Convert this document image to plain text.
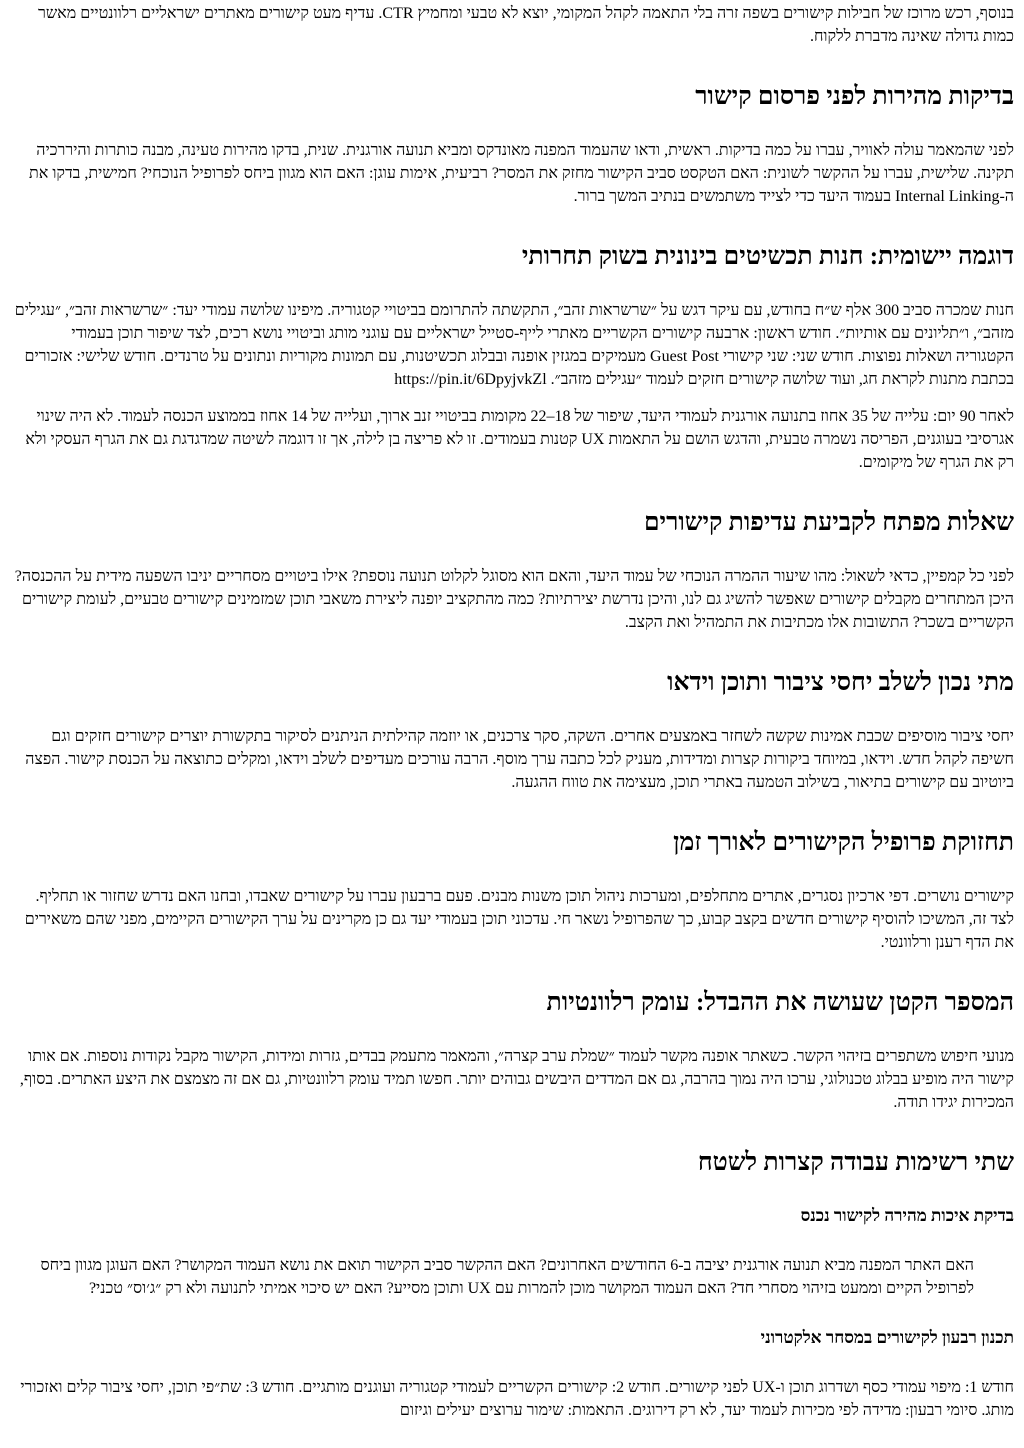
בנוסף, רכש מרוכז של חבילות קישורים בשפה זרה בלי התאמה לקהל המקומי, יוצא לא טבעי ומחמיץ CTR. עדיף מעט קישורים מאתרים ישראליים רלוונטיים מאשר כמות גדולה שאינה מדברת ללקוח.

בדיקות מהירות לפני פרסום קישור

לפני שהמאמר עולה לאוויר, עברו על כמה בדיקות. ראשית, ודאו שהעמוד המפנה מאונדקס ומביא תנועה אורגנית. שנית, בדקו מהירות טעינה, מבנה כותרות והיררכיה תקינה. שלישית, עברו על ההקשר לשונית: האם הטקסט סביב הקישור מחזק את המסר? רביעית, אימות עוגן: האם הוא מגוון ביחס לפרופיל הנוכחי? חמישית, בדקו את ה-Internal Linking בעמוד היעד כדי לצייד משתמשים בנתיב המשך ברור.

דוגמה יישומית: חנות תכשיטים בינונית בשוק תחרותי

חנות שמכרה סביב 300 אלף ש״ח בחודש, עם עיקר דגש על ״שרשראות זהב״, התקשתה להתרומם בביטויי קטגוריה. מיפינו שלושה עמודי יעד: ״שרשראות זהב״, ״עגילים מזהב״, ו״תליונים עם אותיות״. חודש ראשון: ארבעה קישורים הקשריים מאתרי לייף-סטייל ישראליים עם עוגני מותג וביטויי נושא רכים, לצד שיפור תוכן בעמודי הקטגוריה ושאלות נפוצות. חודש שני: שני קישורי Guest Post מעמיקים במגזין אופנה ובבלוג תכשיטנות, עם תמונות מקוריות ונתונים על טרנדים. חודש שלישי: אזכורים בכתבת מתנות לקראת חג, ועוד שלושה קישורים חזקים לעמוד ״עגילים מזהב״. https://pin.it/6DpyjvkZl

לאחר 90 יום: עלייה של 35 אחוז בתנועה אורגנית לעמודי היעד, שיפור של 18–22 מקומות בביטויי זנב ארוך, ועלייה של 14 אחוז בממוצע הכנסה לעמוד. לא היה שינוי אגרסיבי בעוגנים, הפריסה נשמרה טבעית, והדגש הושם על התאמות UX קטנות בעמודים. זו לא פריצה בן לילה, אך זו דוגמה לשיטה שמדגדגת גם את הגרף העסקי ולא רק את הגרף של מיקומים.

שאלות מפתח לקביעת עדיפות קישורים

לפני כל קמפיין, כדאי לשאול: מהו שיעור ההמרה הנוכחי של עמוד היעד, והאם הוא מסוגל לקלוט תנועה נוספת? אילו ביטויים מסחריים יניבו השפעה מידית על ההכנסה? היכן המתחרים מקבלים קישורים שאפשר להשיג גם לנו, והיכן נדרשת יצירתיות? כמה מהתקציב יופנה ליצירת משאבי תוכן שמזמינים קישורים טבעיים, לעומת קישורים הקשריים בשכר? התשובות אלו מכתיבות את התמהיל ואת הקצב.

מתי נכון לשלב יחסי ציבור ותוכן וידאו

יחסי ציבור מוסיפים שכבת אמינות שקשה לשחזר באמצעים אחרים. השקה, סקר צרכנים, או יוזמה קהילתית הניתנים לסיקור בתקשורת יוצרים קישורים חזקים וגם חשיפה לקהל חדש. וידאו, במיוחד ביקורות קצרות ומדידות, מעניק לכל כתבה ערך מוסף. הרבה עורכים מעדיפים לשלב וידאו, ומקלים כתוצאה על הכנסת קישור. הפצה ביוטיוב עם קישורים בתיאור, בשילוב הטמעה באתרי תוכן, מעצימה את טווח ההגעה.

תחזוקת פרופיל הקישורים לאורך זמן

קישורים נושרים. דפי ארכיון נסגרים, אתרים מתחלפים, ומערכות ניהול תוכן משנות מבנים. פעם ברבעון עברו על קישורים שאבדו, ובחנו האם נדרש שחזור או תחליף. לצד זה, המשיכו להוסיף קישורים חדשים בקצב קבוע, כך שהפרופיל נשאר חי. עדכוני תוכן בעמודי יעד גם כן מקרינים על ערך הקישורים הקיימים, מפני שהם משאירים את הדף רענן ורלוונטי.

המספר הקטן שעושה את ההבדל: עומק רלוונטיות

מנועי חיפוש משתפרים בזיהוי הקשר. כשאתר אופנה מקשר לעמוד ״שמלת ערב קצרה״, והמאמר מתעמק בבדים, גזרות ומידות, הקישור מקבל נקודות נוספות. אם אותו קישור היה מופיע בבלוג טכנולוגי, ערכו היה נמוך בהרבה, גם אם המדדים היבשים גבוהים יותר. חפשו תמיד עומק רלוונטיות, גם אם זה מצמצם את היצע האתרים. בסוף, המכירות יגידו תודה.

שתי רשימות עבודה קצרות לשטח
בדיקת איכות מהירה לקישור נכנס

האם האתר המפנה מביא תנועה אורגנית יציבה ב-6 החודשים האחרונים? האם ההקשר סביב הקישור תואם את נושא העמוד המקושר? האם העוגן מגוון ביחס לפרופיל הקיים וממעט בזיהוי מסחרי חד? האם העמוד המקושר מוכן להמרות עם UX ותוכן מסייע? האם יש סיכוי אמיתי לתנועה ולא רק ״ג׳וס״ טכני?

תכנון רבעון לקישורים במסחר אלקטרוני

חודש 1: מיפוי עמודי כסף ושדרוג תוכן ו-UX לפני קישורים. חודש 2: קישורים הקשריים לעמודי קטגוריה ועוגנים מותגיים. חודש 3: שת״פי תוכן, יחסי ציבור קלים ואזכורי מותג. סיומי רבעון: מדידה לפי מכירות לעמוד יעד, לא רק דירוגים. התאמות: שימור ערוצים יעילים וגיזום
